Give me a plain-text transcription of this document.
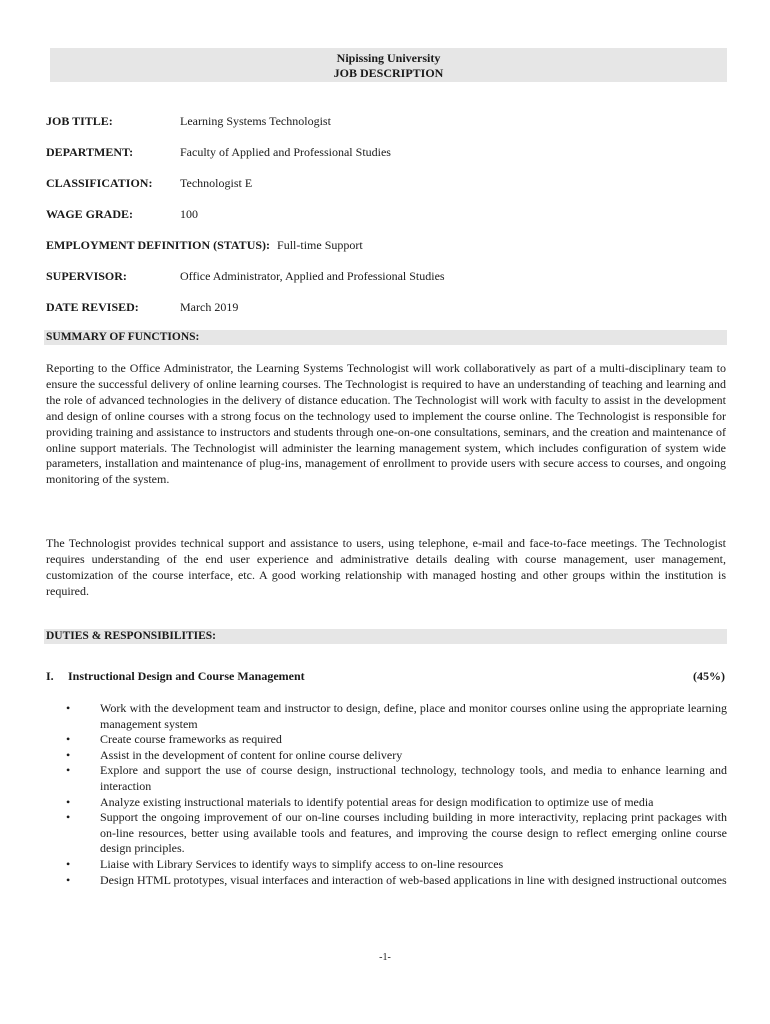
Nipissing University
JOB DESCRIPTION
JOB TITLE:	Learning Systems Technologist
DEPARTMENT:	Faculty of Applied and Professional Studies
CLASSIFICATION: Technologist E
WAGE GRADE:	100
EMPLOYMENT DEFINITION (STATUS): Full-time Support
SUPERVISOR:	Office Administrator, Applied and Professional Studies
DATE REVISED:	March 2019
SUMMARY OF FUNCTIONS:

Reporting to the Office Administrator, the Learning Systems Technologist will work collaboratively as part of a multi-disciplinary team to ensure the successful delivery of online learning courses. The Technologist is required to have an understanding of teaching and learning and the role of advanced technologies in the delivery of distance education. The Technologist will work with faculty to assist in the development and design of online courses with a strong focus on the technology used to implement the course online. The Technologist is responsible for providing training and assistance to instructors and students through one-on-one consultations, seminars, and the creation and maintenance of online support materials. The Technologist will administer the learning management system, which includes configuration of system wide parameters, installation and maintenance of plug-ins, management of enrollment to provide users with secure access to courses, and ongoing monitoring of the system.

The Technologist provides technical support and assistance to users, using telephone, e-mail and face-to-face meetings. The Technologist requires understanding of the end user experience and administrative details dealing with course management, user management, customization of the course interface, etc. A good working relationship with managed hosting and other groups within the institution is required.

DUTIES & RESPONSIBILITIES:
I. Instructional Design and Course Management	(45%)
• Work with the development team and instructor to design, define, place and monitor courses online using the appropriate learning management system
• Create course frameworks as required
• Assist in the development of content for online course delivery
• Explore and support the use of course design, instructional technology, technology tools, and media to enhance learning and interaction
• Analyze existing instructional materials to identify potential areas for design modification to optimize use of media
• Support the ongoing improvement of our on-line courses including building in more interactivity, replacing print packages with on-line resources, better using available tools and features, and improving the course design to reflect emerging online course design principles.
• Liaise with Library Services to identify ways to simplify access to on-line resources
• Design HTML prototypes, visual interfaces and interaction of web-based applications in line with designed instructional outcomes
-1-
